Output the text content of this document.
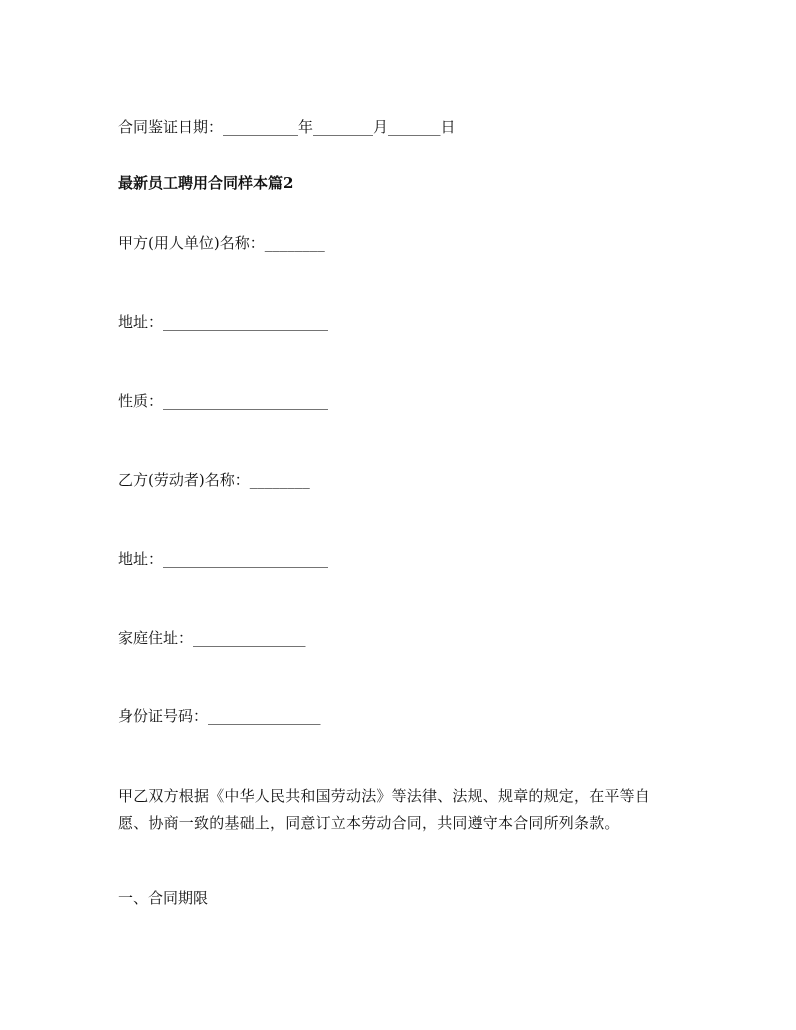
合同鉴证日期：__________年________月_______日
最新员工聘用合同样本篇2
甲方(用人单位)名称：________
地址：______________________
性质：______________________
乙方(劳动者)名称：________
地址：______________________
家庭住址：_______________
身份证号码：_______________
甲乙双方根据《中华人民共和国劳动法》等法律、法规、规章的规定，在平等自愿、协商一致的基础上，同意订立本劳动合同，共同遵守本合同所列条款。
一、合同期限
